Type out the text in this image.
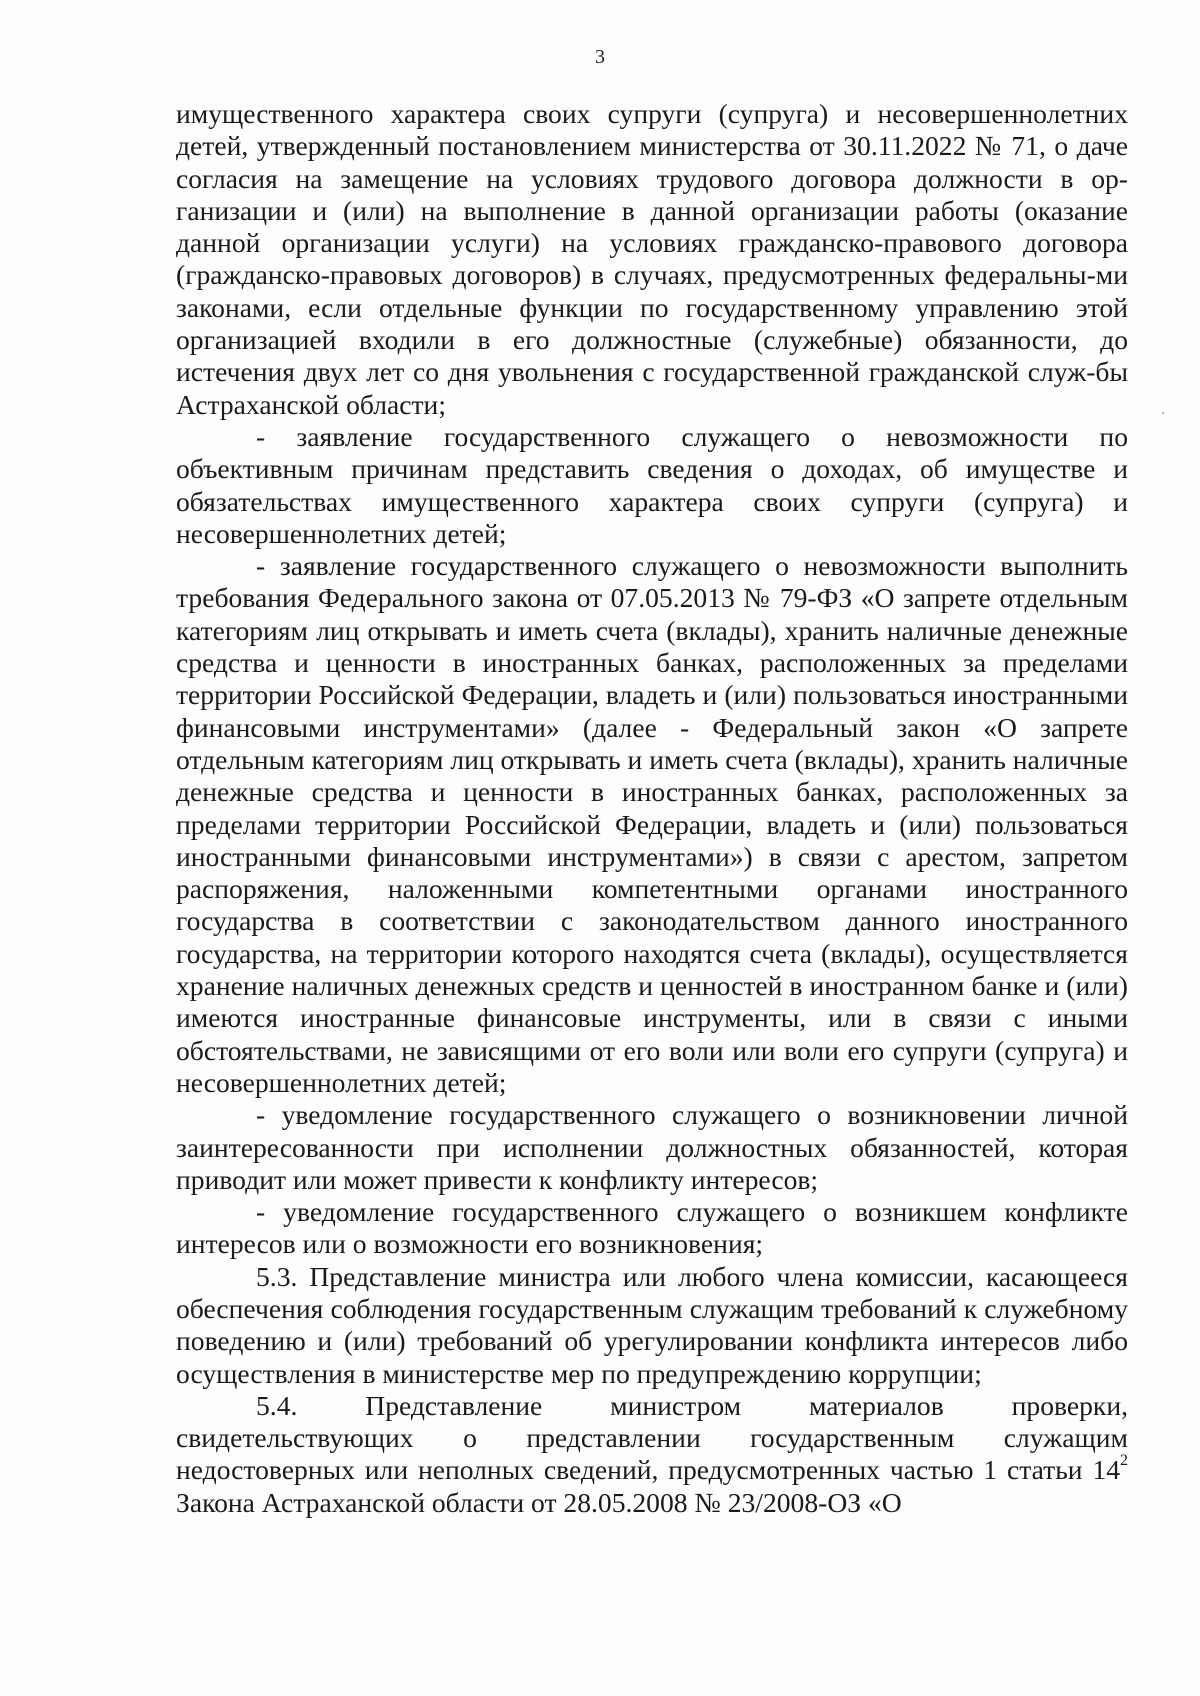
3

имущественного характера своих супруги (супруга) и несовершеннолетних детей, утвержденный постановлением министерства от 30.11.2022 № 71, о даче согласия на замещение на условиях трудового договора должности в ор-ганизации и (или) на выполнение в данной организации работы (оказание данной организации услуги) на условиях гражданско-правового договора (гражданско-правовых договоров) в случаях, предусмотренных федеральны-ми законами, если отдельные функции по государственному управлению этой организацией входили в его должностные (служебные) обязанности, до истечения двух лет со дня увольнения с государственной гражданской служ-бы Астраханской области;

- заявление государственного служащего о невозможности по объективным причинам представить сведения о доходах, об имуществе и обязательствах имущественного характера своих супруги (супруга) и несовершеннолетних детей;

- заявление государственного служащего о невозможности выполнить требования Федерального закона от 07.05.2013 № 79-ФЗ «О запрете отдельным категориям лиц открывать и иметь счета (вклады), хранить наличные денежные средства и ценности в иностранных банках, расположенных за пределами территории Российской Федерации, владеть и (или) пользоваться иностранными финансовыми инструментами» (далее - Федеральный закон «О запрете отдельным категориям лиц открывать и иметь счета (вклады), хранить наличные денежные средства и ценности в иностранных банках, расположенных за пределами территории Российской Федерации, владеть и (или) пользоваться иностранными финансовыми инструментами») в связи с арестом, запретом распоряжения, наложенными компетентными органами иностранного государства в соответствии с законодательством данного иностранного государства, на территории которого находятся счета (вклады), осуществляется хранение наличных денежных средств и ценностей в иностранном банке и (или) имеются иностранные финансовые инструменты, или в связи с иными обстоятельствами, не зависящими от его воли или воли его супруги (супруга) и несовершеннолетних детей;

- уведомление государственного служащего о возникновении личной заинтересованности при исполнении должностных обязанностей, которая приводит или может привести к конфликту интересов;

- уведомление государственного служащего о возникшем конфликте интересов или о возможности его возникновения;

5.3. Представление министра или любого члена комиссии, касающееся обеспечения соблюдения государственным служащим требований к служебному поведению и (или) требований об урегулировании конфликта интересов либо осуществления в министерстве мер по предупреждению коррупции;

5.4. Представление министром материалов проверки, свидетельствующих о представлении государственным служащим недостоверных или неполных сведений, предусмотренных частью 1 статьи $14^2$ Закона Астраханской области от 28.05.2008 № 23/2008-ОЗ «О
